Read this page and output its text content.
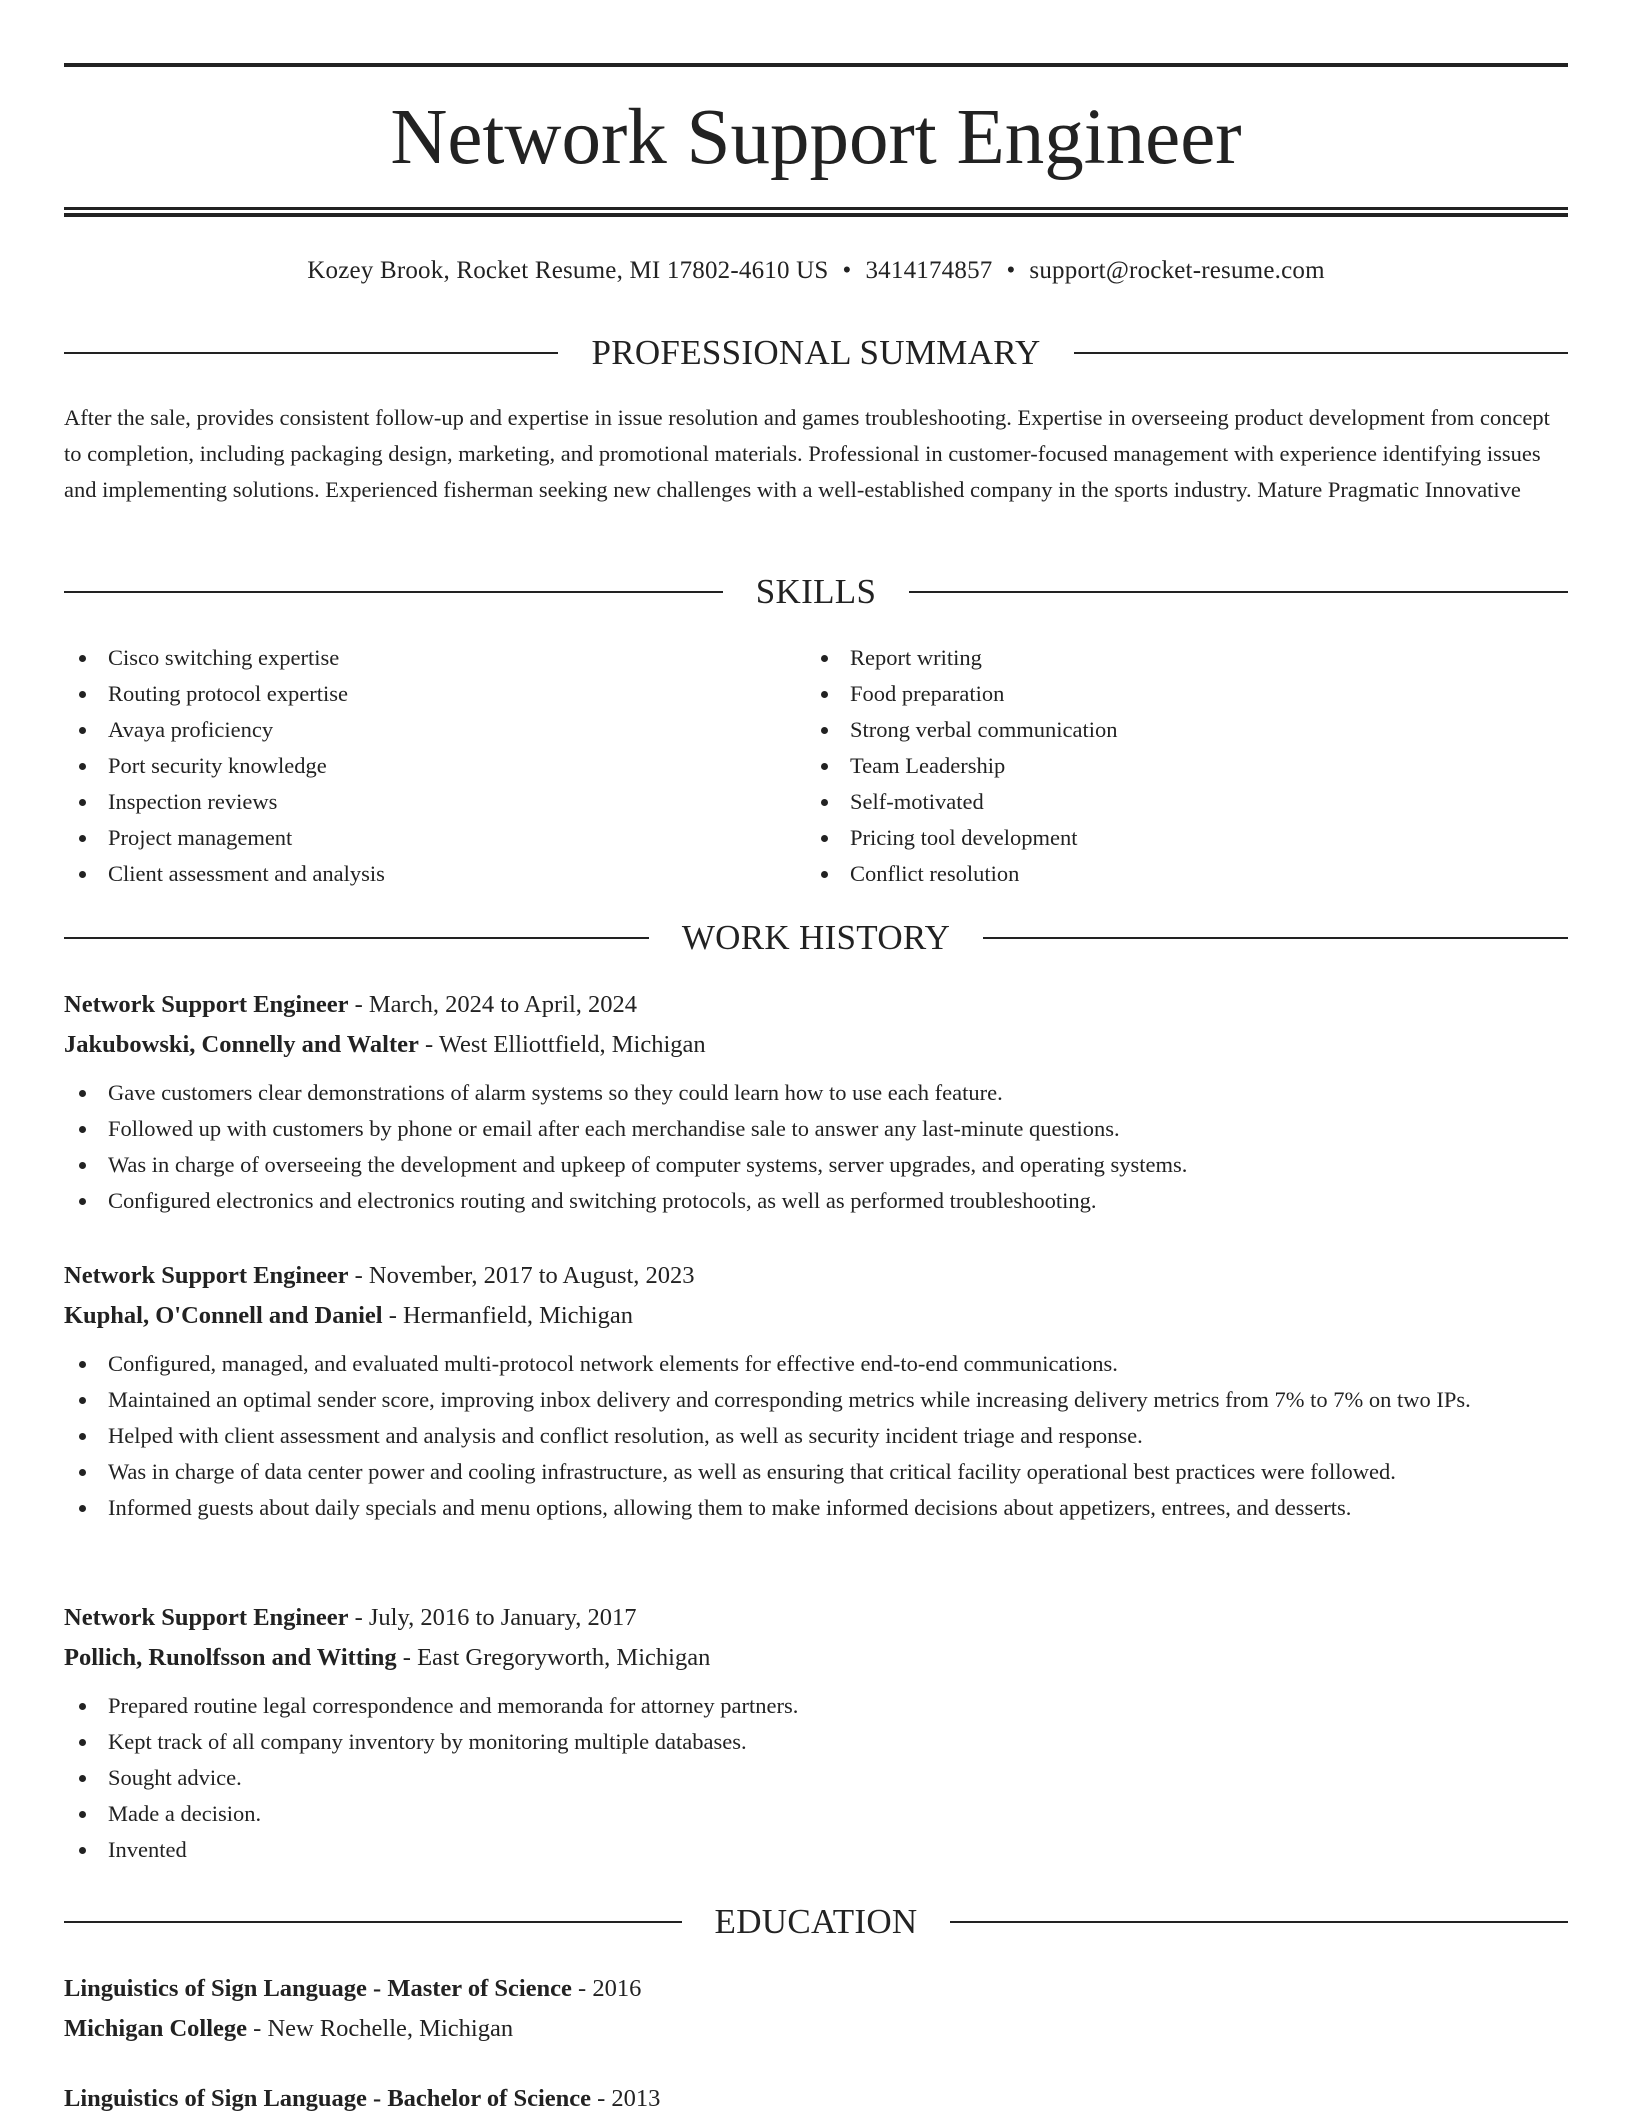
Network Support Engineer
Kozey Brook, Rocket Resume, MI 17802-4610 US • 3414174857 • support@rocket-resume.com
PROFESSIONAL SUMMARY

After the sale, provides consistent follow-up and expertise in issue resolution and games troubleshooting. Expertise in overseeing product development from concept to completion, including packaging design, marketing, and promotional materials. Professional in customer-focused management with experience identifying issues and implementing solutions. Experienced fisherman seeking new challenges with a well-established company in the sports industry. Mature Pragmatic Innovative

SKILLS
Cisco switching expertise
Routing protocol expertise
Avaya proficiency
Port security knowledge
Inspection reviews
Project management
Client assessment and analysis
Report writing
Food preparation
Strong verbal communication
Team Leadership
Self-motivated
Pricing tool development
Conflict resolution
WORK HISTORY
Network Support Engineer - March, 2024 to April, 2024
Jakubowski, Connelly and Walter - West Elliottfield, Michigan
Gave customers clear demonstrations of alarm systems so they could learn how to use each feature.
Followed up with customers by phone or email after each merchandise sale to answer any last-minute questions.
Was in charge of overseeing the development and upkeep of computer systems, server upgrades, and operating systems.
Configured electronics and electronics routing and switching protocols, as well as performed troubleshooting.
Network Support Engineer - November, 2017 to August, 2023
Kuphal, O'Connell and Daniel - Hermanfield, Michigan
Configured, managed, and evaluated multi-protocol network elements for effective end-to-end communications.
Maintained an optimal sender score, improving inbox delivery and corresponding metrics while increasing delivery metrics from 7% to 7% on two IPs.
Helped with client assessment and analysis and conflict resolution, as well as security incident triage and response.
Was in charge of data center power and cooling infrastructure, as well as ensuring that critical facility operational best practices were followed.
Informed guests about daily specials and menu options, allowing them to make informed decisions about appetizers, entrees, and desserts.
Network Support Engineer - July, 2016 to January, 2017
Pollich, Runolfsson and Witting - East Gregoryworth, Michigan
Prepared routine legal correspondence and memoranda for attorney partners.
Kept track of all company inventory by monitoring multiple databases.
Sought advice.
Made a decision.
Invented
EDUCATION
Linguistics of Sign Language - Master of Science - 2016
Michigan College - New Rochelle, Michigan
Linguistics of Sign Language - Bachelor of Science - 2013
